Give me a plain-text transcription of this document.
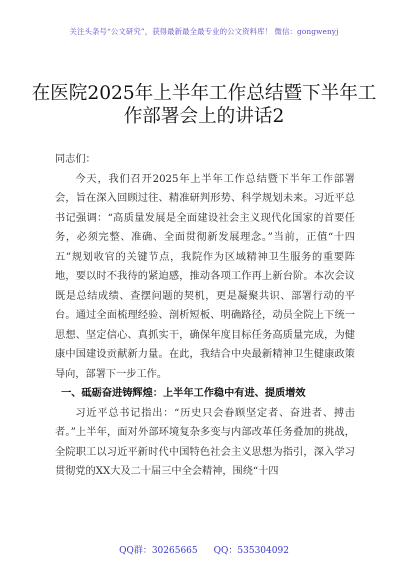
关注头条号“公文研究”，获得最新最全最专业的公文资料库！ 微信：gongwenyj
在医院2025年上半年工作总结暨下半年工作部署会上的讲话2

同志们：

今天，我们召开2025年上半年工作总结暨下半年工作部署会，旨在深入回顾过往、精准研判形势、科学规划未来。习近平总书记强调：“高质量发展是全面建设社会主义现代化国家的首要任务，必须完整、准确、全面贯彻新发展理念。”当前，正值“十四五”规划收官的关键节点，我院作为区域精神卫生服务的重要阵地，要以时不我待的紧迫感，推动各项工作再上新台阶。本次会议既是总结成绩、查摆问题的契机，更是凝聚共识、部署行动的平台。通过全面梳理经验、剖析短板、明确路径，动员全院上下统一思想、坚定信心、真抓实干，确保年度目标任务高质量完成，为健康中国建设贡献新力量。在此，我结合中央最新精神卫生健康政策导向，部署下一步工作。

一、砥砺奋进铸辉煌：上半年工作稳中有进、提质增效

习近平总书记指出：“历史只会眷顾坚定者、奋进者、搏击者。”上半年，面对外部环境复杂多变与内部改革任务叠加的挑战，全院职工以习近平新时代中国特色社会主义思想为指引，深入学习贯彻党的XX大及二十届三中全会精神，围绕“十四

QQ群：30265665 QQ：535304092
